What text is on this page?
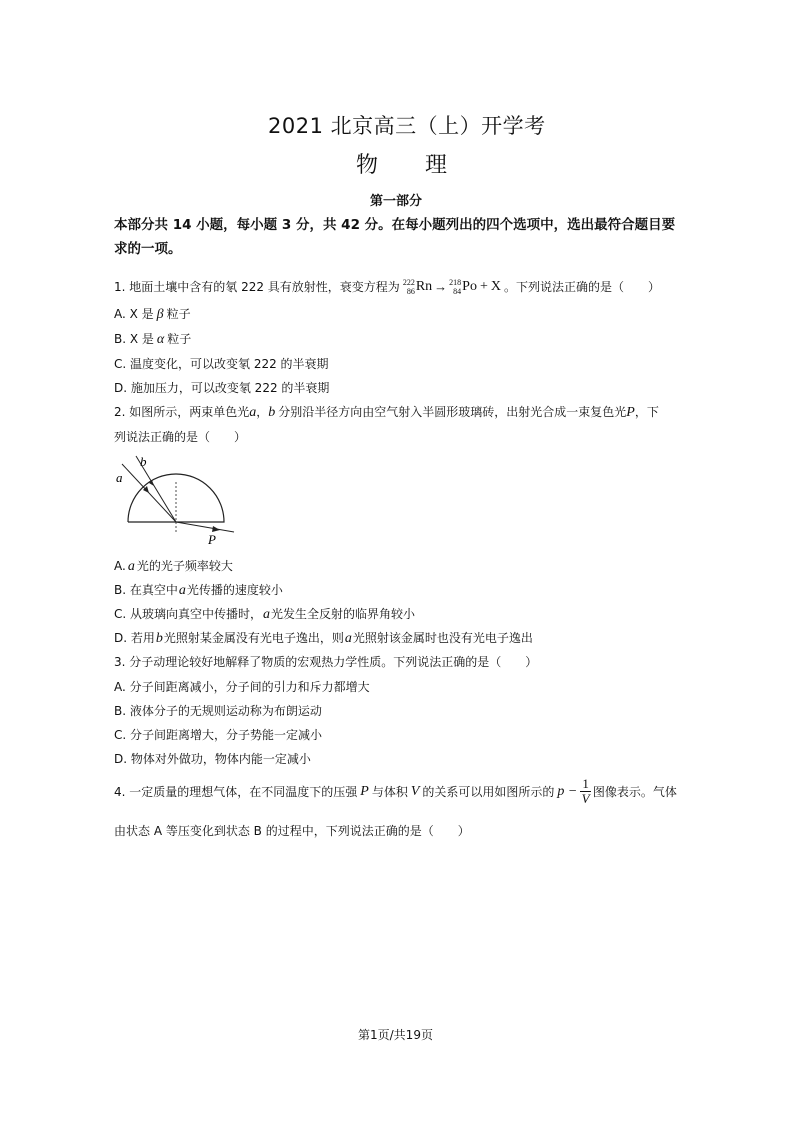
2021 北京高三（上）开学考
物 理
第一部分
本部分共 14 小题，每小题 3 分，共 42 分。在每小题列出的四个选项中，选出最符合题目要求的一项。
1. 地面土壤中含有的氡 222 具有放射性，衰变方程为 222
86 Rn → 218
84 Po + X 。下列说法正确的是（　　）
A. X 是 β 粒子
B. X 是 α 粒子
C. 温度变化，可以改变氡 222 的半衰期
D. 施加压力，可以改变氡 222 的半衰期
2. 如图所示，两束单色光a，b 分别沿半径方向由空气射入半圆形玻璃砖，出射光合成一束复色光P，下
列说法正确的是（　　）
a
b
P
A. a 光的光子频率较大
B. 在真空中a光传播的速度较小
C. 从玻璃向真空中传播时，a光发生全反射的临界角较小
D. 若用b光照射某金属没有光电子逸出，则a光照射该金属时也没有光电子逸出
3. 分子动理论较好地解释了物质的宏观热力学性质。下列说法正确的是（　　）
A. 分子间距离减小，分子间的引力和斥力都增大
B. 液体分子的无规则运动称为布朗运动
C. 分子间距离增大，分子势能一定减小
D. 物体对外做功，物体内能一定减小
4. 一定质量的理想气体，在不同温度下的压强 P 与体积 V 的关系可以用如图所示的 $p - \frac{1}{V}$ 图像表示。气体
由状态 A 等压变化到状态 B 的过程中，下列说法正确的是（　　）
第1页/共19页
